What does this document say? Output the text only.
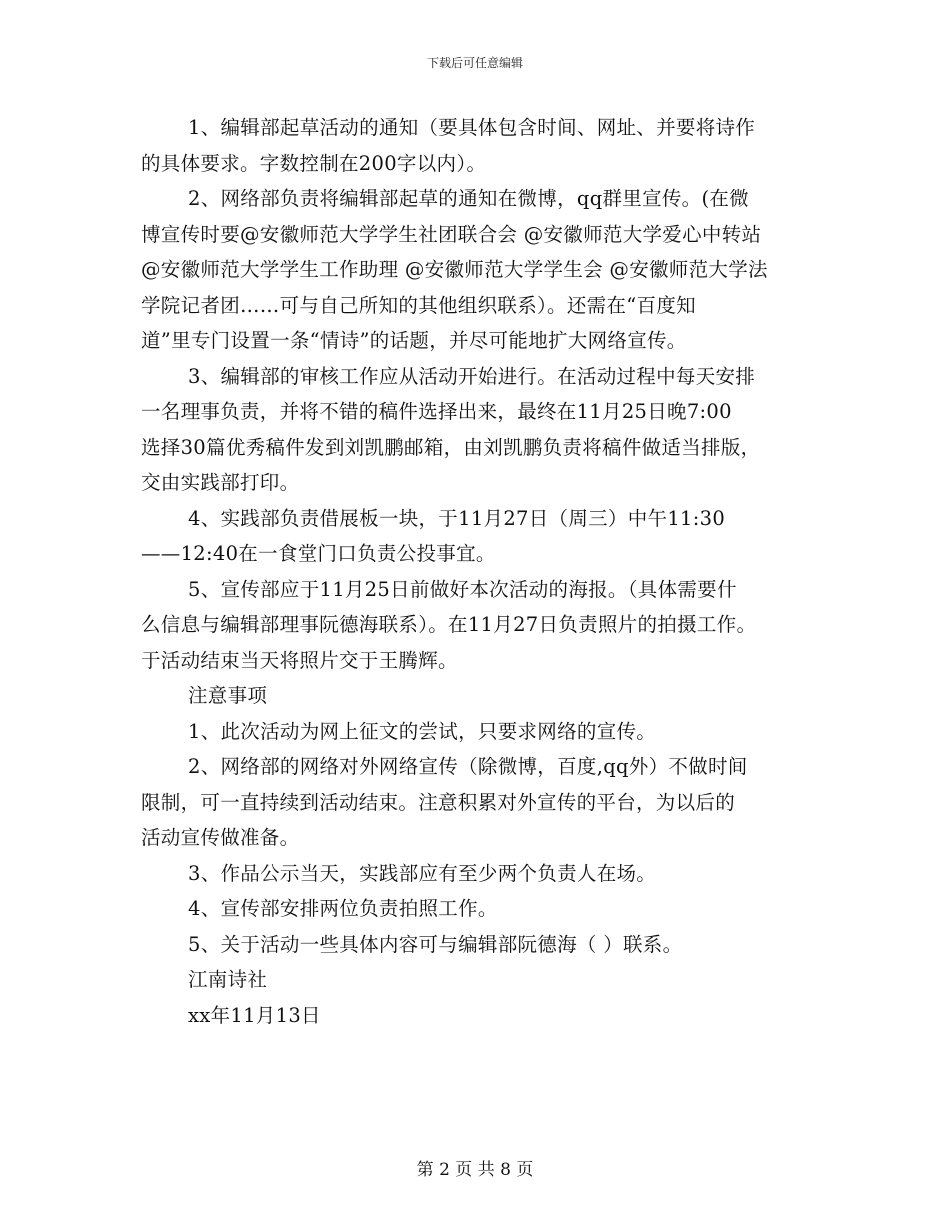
下载后可任意编辑
1、编辑部起草活动的通知（要具体包含时间、网址、并要将诗作
的具体要求。字数控制在200字以内）。
2、网络部负责将编辑部起草的通知在微博，qq群里宣传。(在微
博宣传时要@安徽师范大学学生社团联合会 @安徽师范大学爱心中转站
@安徽师范大学学生工作助理 @安徽师范大学学生会 @安徽师范大学法
学院记者团……可与自己所知的其他组织联系）。还需在“百度知
道”里专门设置一条“情诗”的话题，并尽可能地扩大网络宣传。
3、编辑部的审核工作应从活动开始进行。在活动过程中每天安排
一名理事负责，并将不错的稿件选择出来，最终在11月25日晚7:00
选择30篇优秀稿件发到刘凯鹏邮箱，由刘凯鹏负责将稿件做适当排版，
交由实践部打印。
4、实践部负责借展板一块，于11月27日（周三）中午11:30
——12:40在一食堂门口负责公投事宜。
5、宣传部应于11月25日前做好本次活动的海报。（具体需要什
么信息与编辑部理事阮德海联系）。在11月27日负责照片的拍摄工作。
于活动结束当天将照片交于王腾辉。
注意事项
1、此次活动为网上征文的尝试，只要求网络的宣传。
2、网络部的网络对外网络宣传（除微博，百度,qq外）不做时间
限制，可一直持续到活动结束。注意积累对外宣传的平台，为以后的
活动宣传做准备。
3、作品公示当天，实践部应有至少两个负责人在场。
4、宣传部安排两位负责拍照工作。
5、关于活动一些具体内容可与编辑部阮德海（ ）联系。
江南诗社
xx年11月13日
第 2 页 共 8 页
